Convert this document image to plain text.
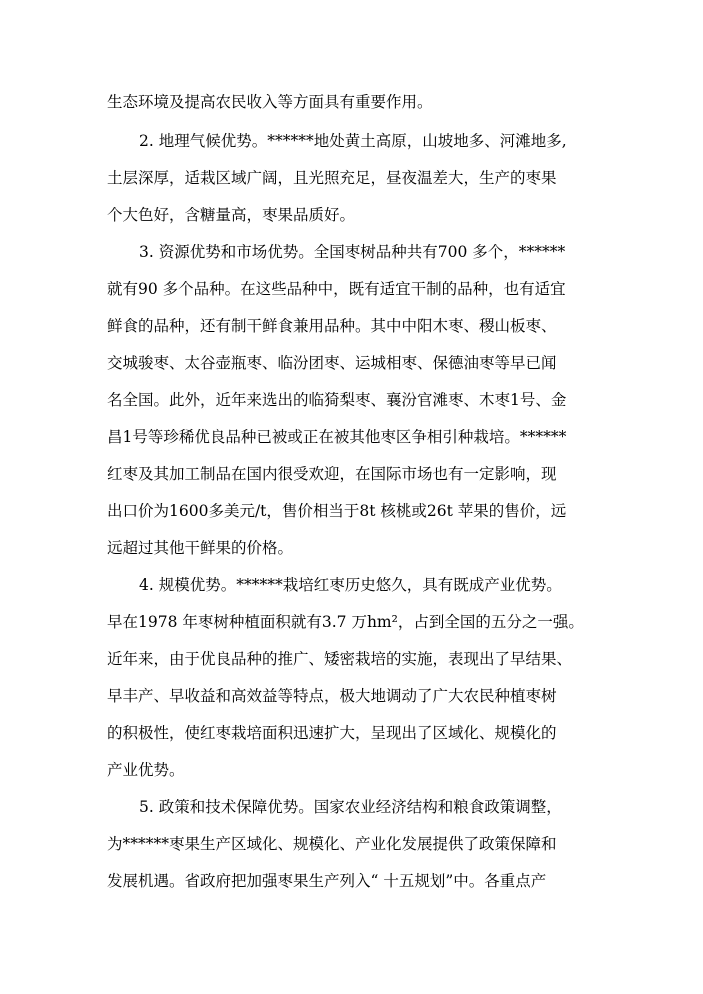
生态环境及提高农民收入等方面具有重要作用。
2. 地理气候优势。******地处黄土高原，山坡地多、河滩地多,
土层深厚，适栽区域广阔，且光照充足，昼夜温差大，生产的枣果
个大色好，含糖量高，枣果品质好。
3. 资源优势和市场优势。全国枣树品种共有700 多个，******
就有90 多个品种。在这些品种中，既有适宜干制的品种，也有适宜
鲜食的品种，还有制干鲜食兼用品种。其中中阳木枣、稷山板枣、
交城骏枣、太谷壶瓶枣、临汾团枣、运城相枣、保德油枣等早已闻
名全国。此外，近年来选出的临猗梨枣、襄汾官滩枣、木枣1号、金
昌1号等珍稀优良品种已被或正在被其他枣区争相引种栽培。******
红枣及其加工制品在国内很受欢迎，在国际市场也有一定影响，现
出口价为1600多美元/t，售价相当于8t 核桃或26t 苹果的售价，远
远超过其他干鲜果的价格。
4. 规模优势。******栽培红枣历史悠久，具有既成产业优势。
早在1978 年枣树种植面积就有3.7 万hm²，占到全国的五分之一强。
近年来，由于优良品种的推广、矮密栽培的实施，表现出了早结果、
早丰产、早收益和高效益等特点，极大地调动了广大农民种植枣树
的积极性，使红枣栽培面积迅速扩大，呈现出了区域化、规模化的
产业优势。
5. 政策和技术保障优势。国家农业经济结构和粮食政策调整，
为******枣果生产区域化、规模化、产业化发展提供了政策保障和
发展机遇。省政府把加强枣果生产列入“ 十五规划”中。各重点产
